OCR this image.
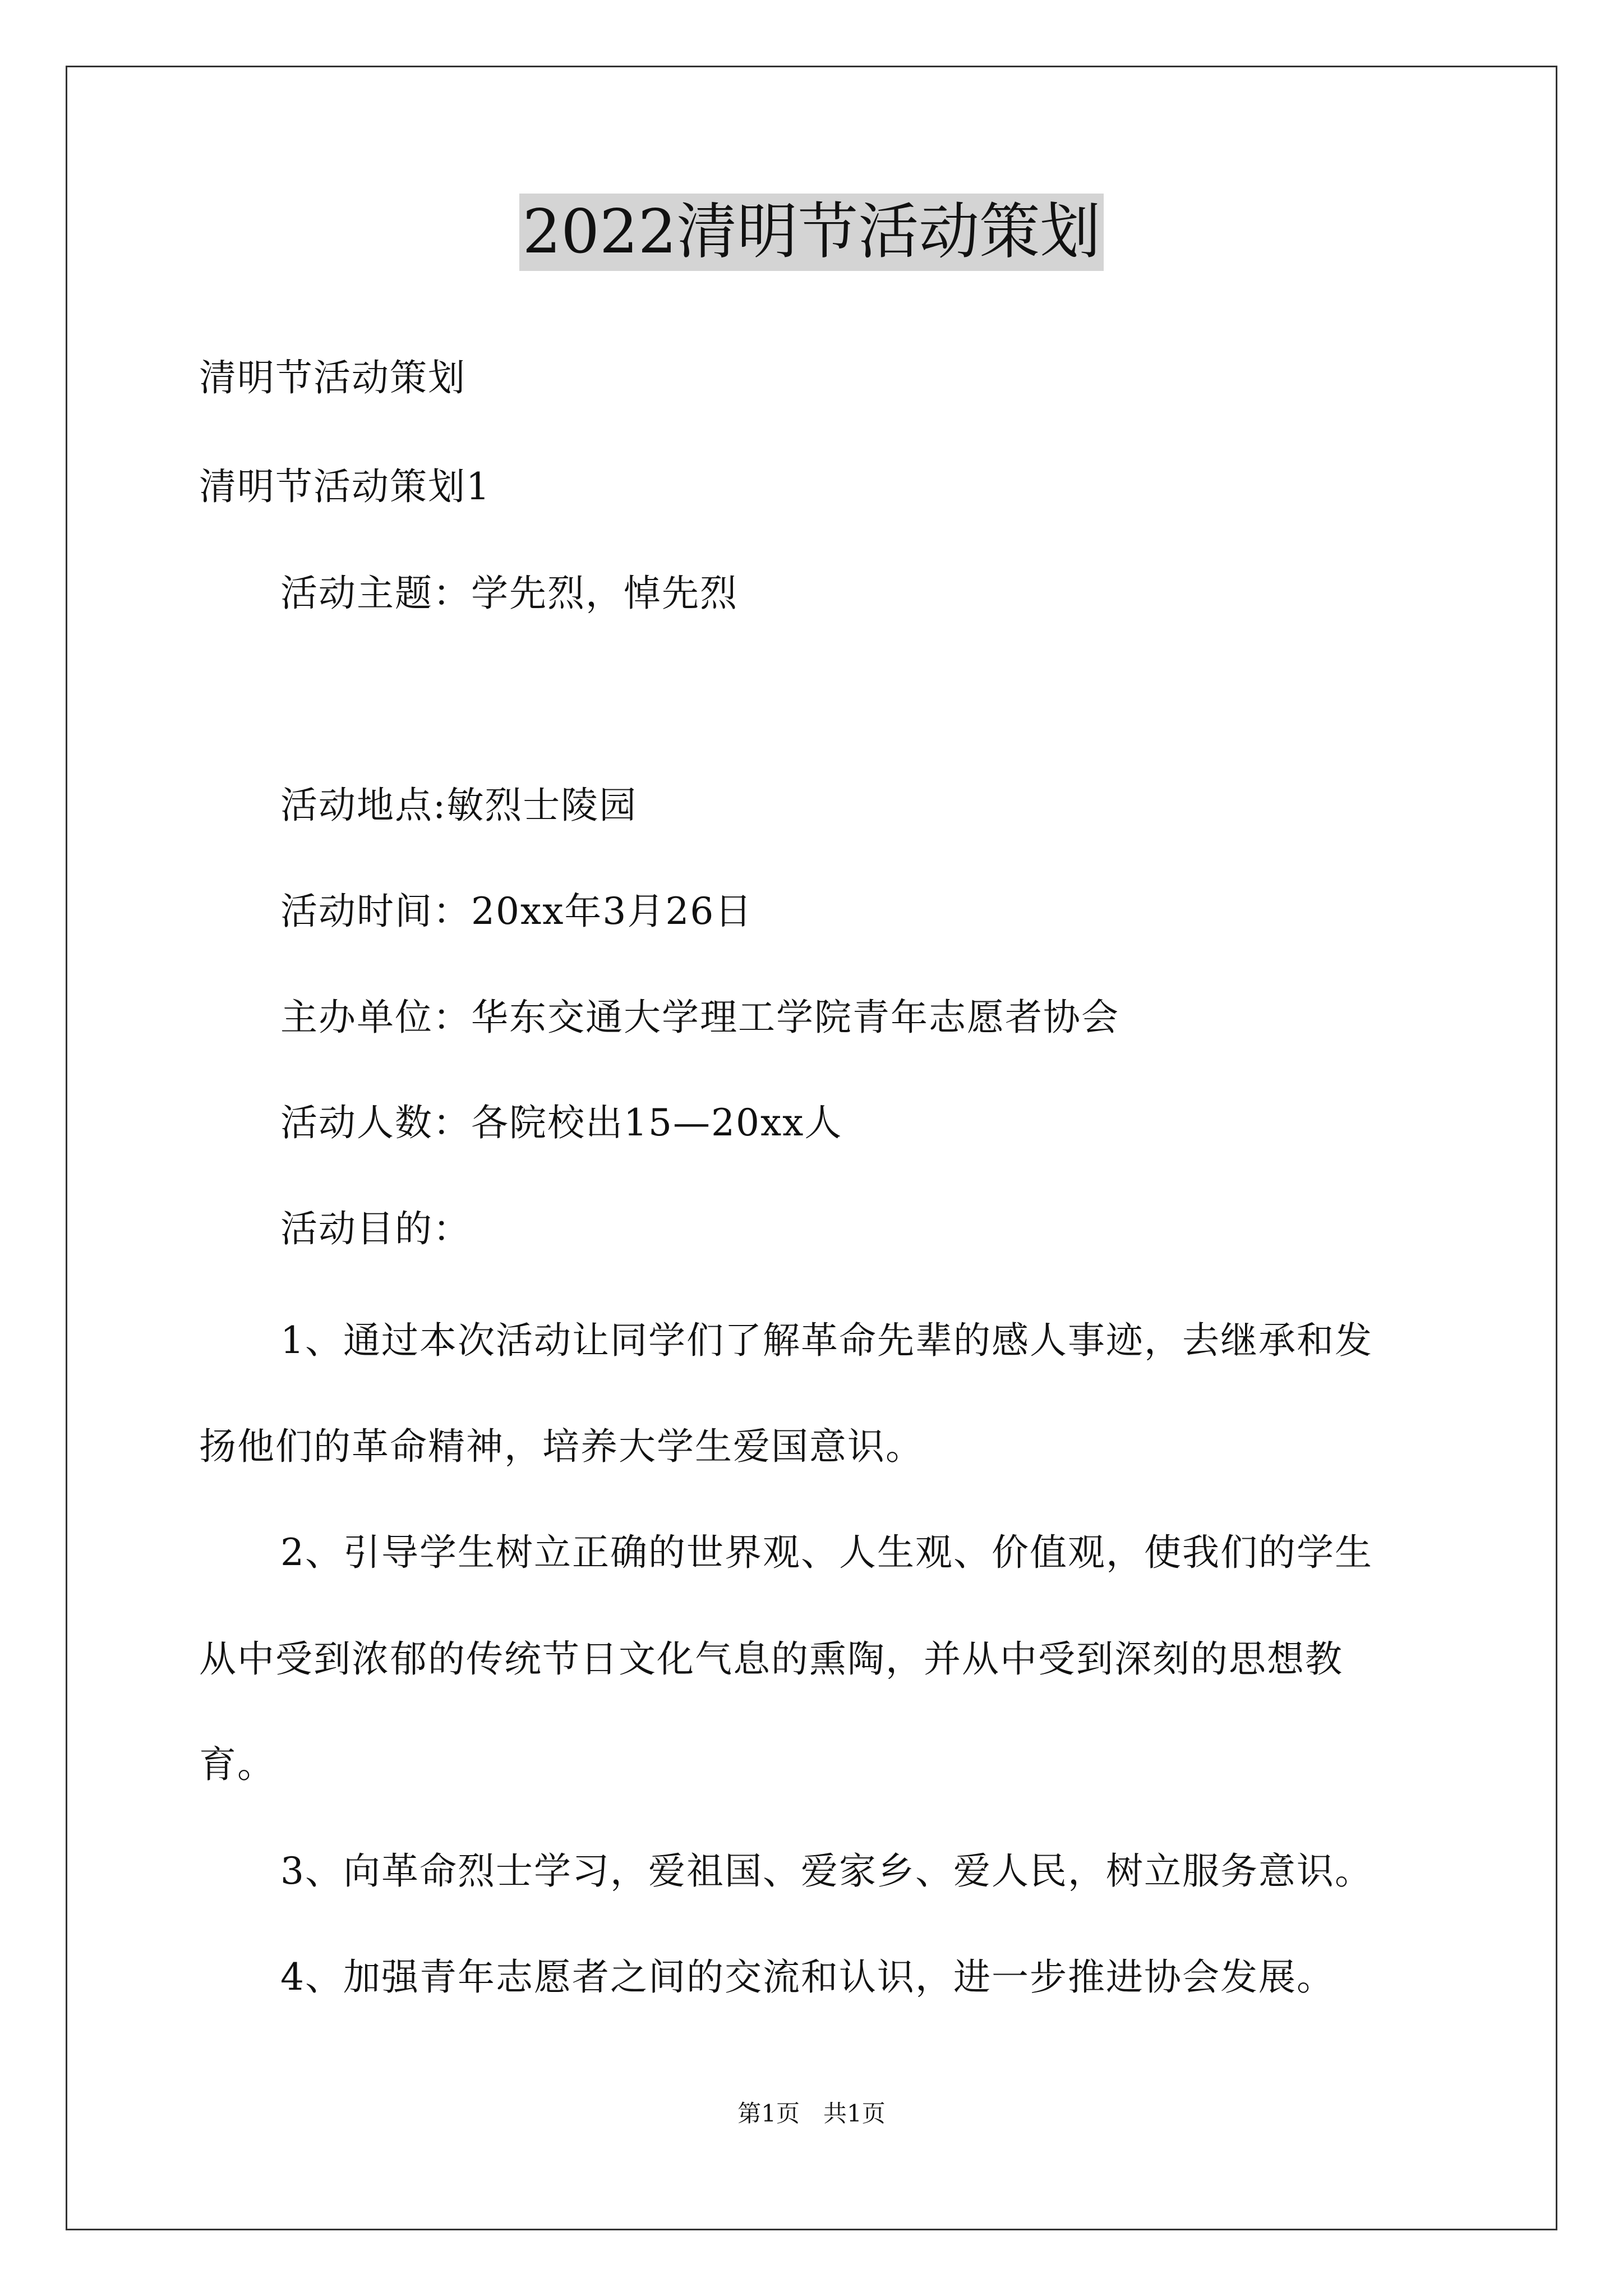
2022清明节活动策划
清明节活动策划
清明节活动策划1
活动主题：学先烈，悼先烈
活动地点:敏烈士陵园
活动时间：20xx年3月26日
主办单位：华东交通大学理工学院青年志愿者协会
活动人数：各院校出15—20xx人
活动目的：
1、通过本次活动让同学们了解革命先辈的感人事迹，去继承和发
扬他们的革命精神，培养大学生爱国意识。
2、引导学生树立正确的世界观、人生观、价值观，使我们的学生
从中受到浓郁的传统节日文化气息的熏陶，并从中受到深刻的思想教
育。
3、向革命烈士学习，爱祖国、爱家乡、爱人民，树立服务意识。
4、加强青年志愿者之间的交流和认识，进一步推进协会发展。
第1页　共1页
